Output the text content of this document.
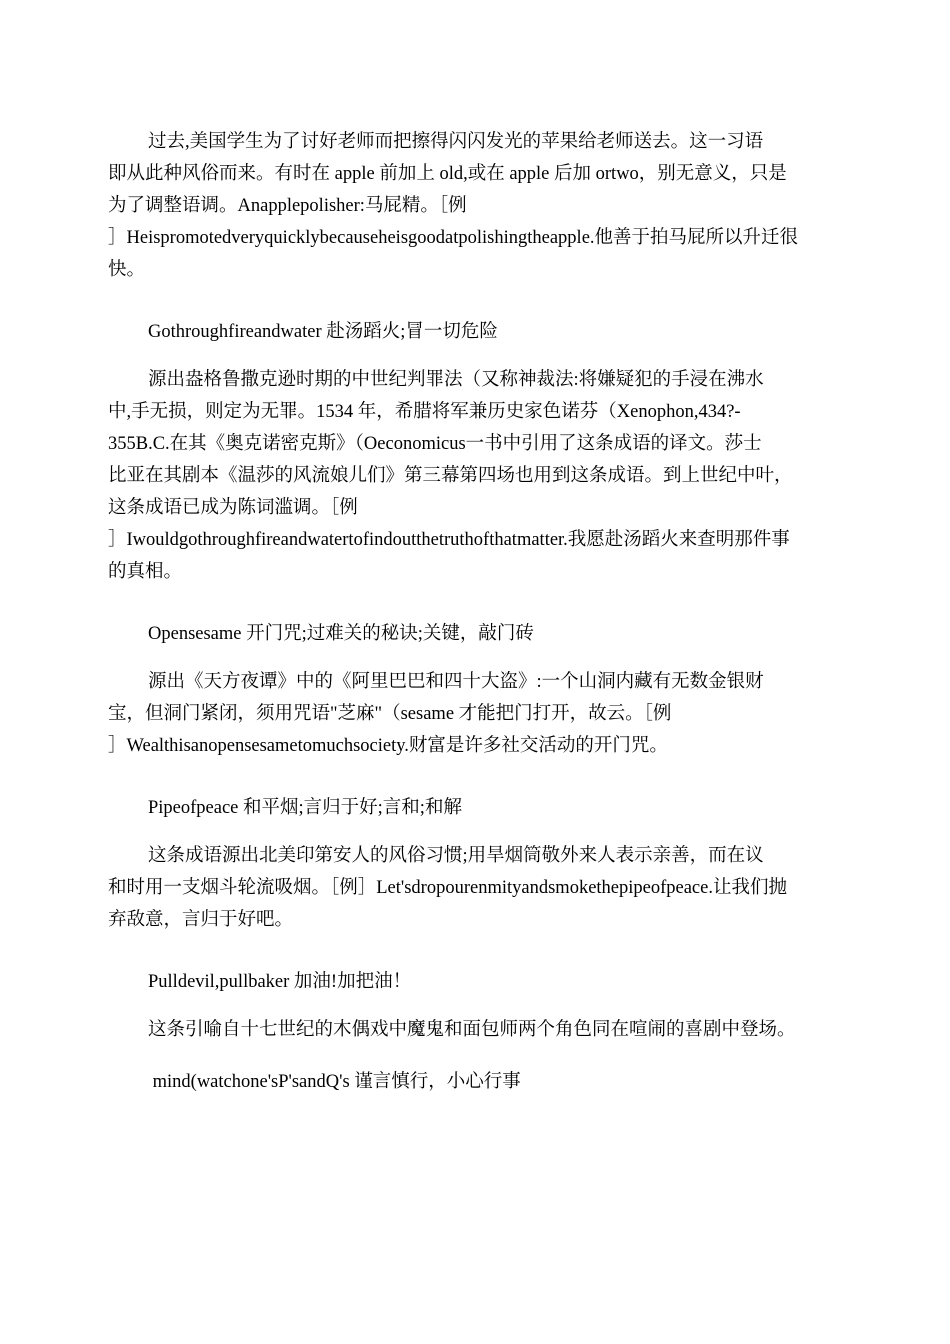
过去,美国学生为了讨好老师而把擦得闪闪发光的苹果给老师送去。这一习语

即从此种风俗而来。有时在 apple 前加上 old,或在 apple 后加 ortwo，别无意义，只是

为了调整语调。Anapplepolisher:马屁精。［例

］Heispromotedveryquicklybecauseheisgoodatpolishingtheapple.他善于拍马屁所以升迁很

快。

Gothroughfireandwater 赴汤蹈火;冒一切危险

源出盎格鲁撒克逊时期的中世纪判罪法（又称神裁法:将嫌疑犯的手浸在沸水

中,手无损，则定为无罪。1534 年，希腊将军兼历史家色诺芬（Xenophon,434?-

355B.C.在其《奥克诺密克斯》（Oeconomicus一书中引用了这条成语的译文。莎士

比亚在其剧本《温莎的风流娘儿们》第三幕第四场也用到这条成语。到上世纪中叶，

这条成语已成为陈词滥调。［例

］Iwouldgothroughfireandwatertofindoutthetruthofthatmatter.我愿赴汤蹈火来查明那件事

的真相。

Opensesame 开门咒;过难关的秘诀;关键，敲门砖

源出《天方夜谭》中的《阿里巴巴和四十大盗》:一个山洞内藏有无数金银财

宝，但洞门紧闭，须用咒语"芝麻"（sesame 才能把门打开，故云。［例

］Wealthisanopensesametomuchsociety.财富是许多社交活动的开门咒。

Pipeofpeace 和平烟;言归于好;言和;和解

这条成语源出北美印第安人的风俗习惯;用旱烟筒敬外来人表示亲善，而在议

和时用一支烟斗轮流吸烟。［例］Let'sdropourenmityandsmokethepipeofpeace.让我们抛

弃敌意，言归于好吧。

Pulldevil,pullbaker 加油!加把油！

这条引喻自十七世纪的木偶戏中魔鬼和面包师两个角色同在喧闹的喜剧中登场。

mind(watchone'sP'sandQ's 谨言慎行，小心行事
